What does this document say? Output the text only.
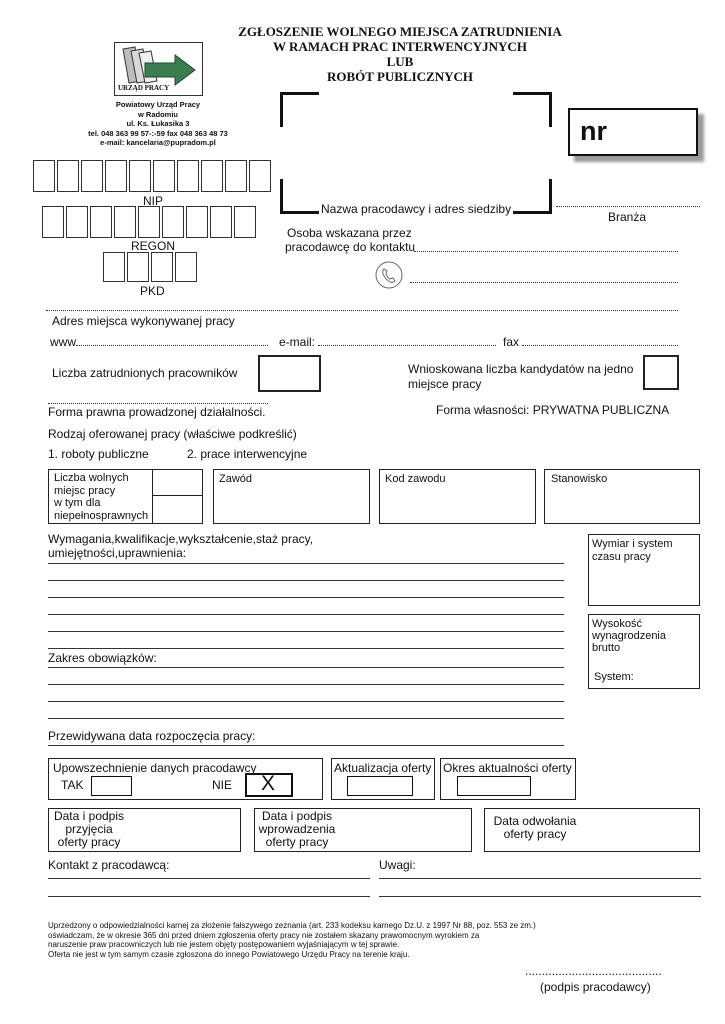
ZGŁOSZENIE WOLNEGO MIEJSCA ZATRUDNIENIA
W RAMACH PRAC INTERWENCYJNYCH
LUB
ROBÓT PUBLICZNYCH
URZĄD PRACY
Powiatowy Urząd Pracy
w Radomiu
ul. Ks. Łukasika 3
tel. 048 363 99 57-:-59 fax 048 363 48 73
e-mail: kancelaria@pupradom.pl
NIP
REGON
PKD
Nazwa pracodawcy i adres siedziby
nr
Branża
Osoba wskazana przez
pracodawcę do kontaktu
Adres miejsca wykonywanej pracy
www	e-mail:	fax
Liczba zatrudnionych pracowników	Wnioskowana liczba kandydatów na jedno
miejsce pracy
Forma prawna prowadzonej działalności.	Forma własności: PRYWATNA PUBLICZNA
Rodzaj oferowanej pracy (właściwe podkreślić)
1. roboty publiczne	2. prace interwencyjne
Liczba wolnych
miejsc pracy
w tym dla
niepełnosprawnych
Zawód	Kod zawodu	Stanowisko
Wymagania,kwalifikacje,wykształcenie,staż pracy,
umiejętności,uprawnienia:
Wymiar i system
czasu pracy
Wysokość
wynagrodzenia
brutto
System:
Zakres obowiązków:
Przewidywana data rozpoczęcia pracy:
Upowszechnienie danych pracodawcy
TAK	NIE X
Aktualizacja oferty Okres aktualności oferty
Data i podpis
przyjęcia
oferty pracy
Data i podpis
wprowadzenia
oferty pracy
Data odwołania
oferty pracy
Kontakt z pracodawcą:	Uwagi:
Uprzedzony o odpowiedzialności karnej za złożenie fałszywego zeznania (art. 233 kodeksu karnego Dz.U. z 1997 Nr 88, poz. 553 ze zm.)
oświadczam, że w okresie 365 dni przed dniem zgłoszenia oferty pracy nie zostałem skazany prawomocnym wyrokiem za
naruszenie praw pracowniczych lub nie jestem objęty postępowaniem wyjaśniającym w tej sprawie.
Oferta nie jest w tym samym czasie zgłoszona do innego Powiatowego Urzędu Pracy na terenie kraju.
.........................................
(podpis pracodawcy)
